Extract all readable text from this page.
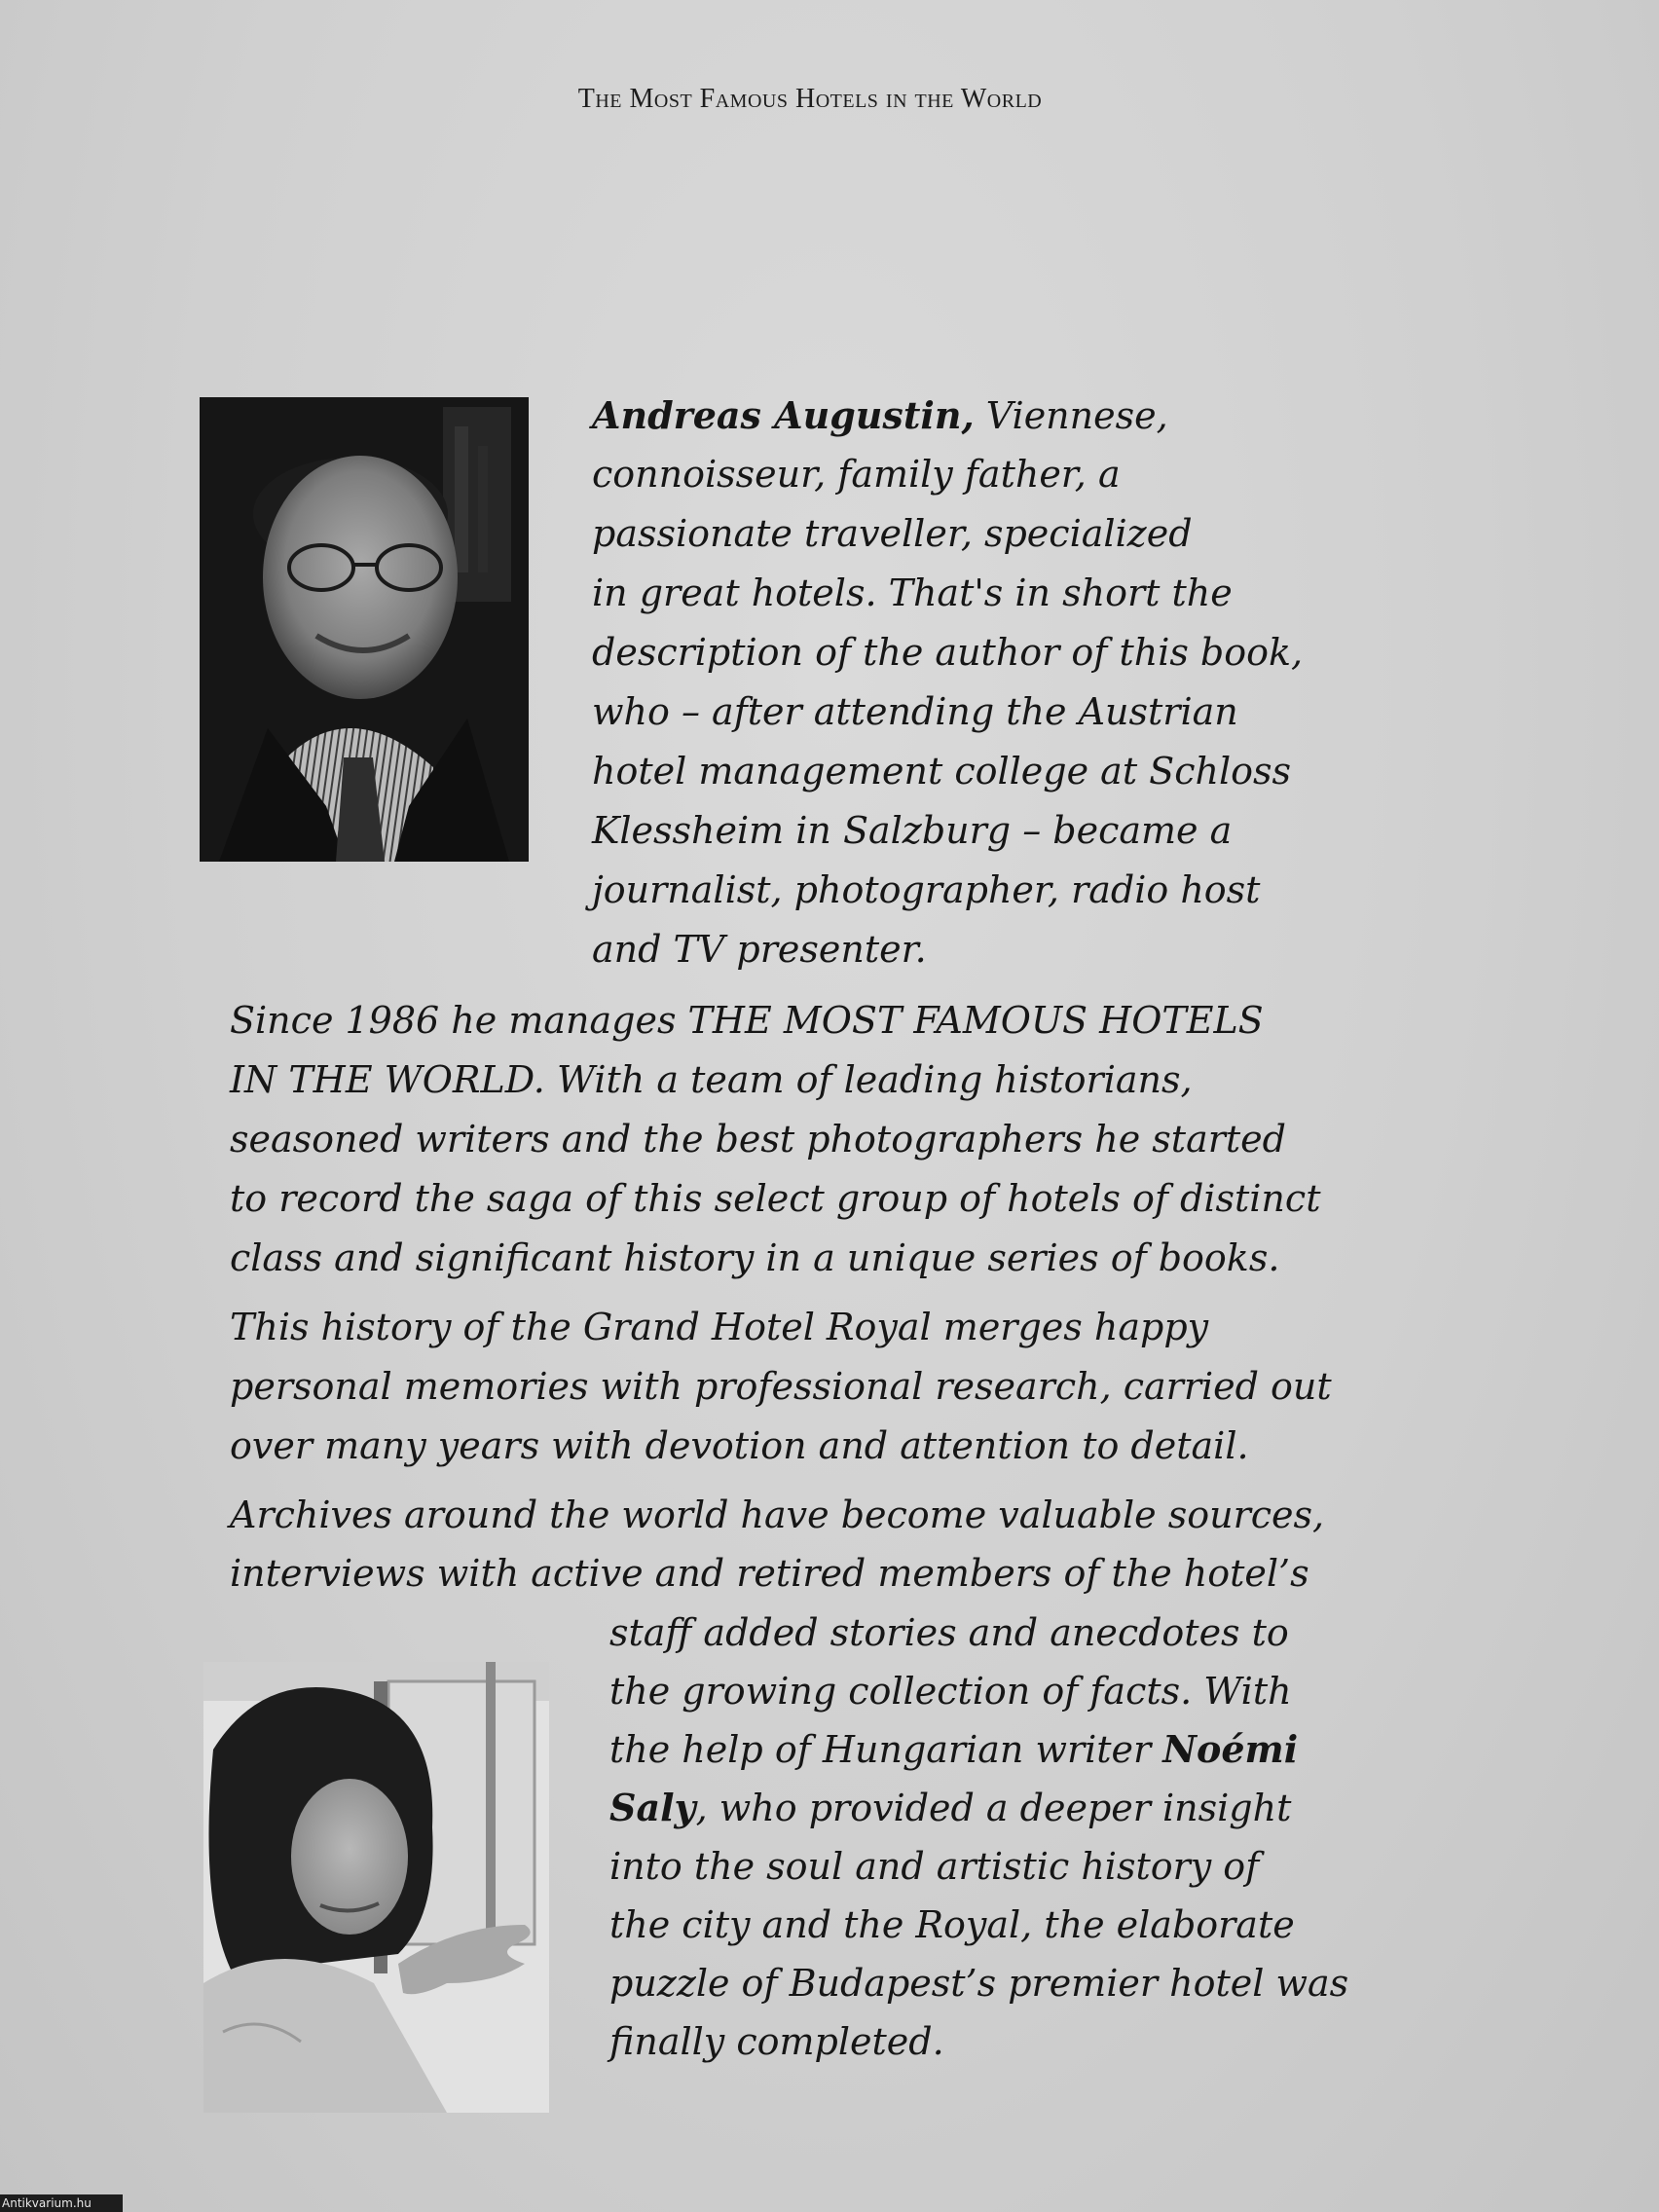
The Most Famous Hotels in the World
Andreas Augustin, Viennese,
connoisseur, family father, a
passionate traveller, specialized
in great hotels. That's in short the
description of the author of this book,
who – after attending the Austrian
hotel management college at Schloss
Klessheim in Salzburg – became a
journalist, photographer, radio host
and TV presenter.
Since 1986 he manages THE MOST FAMOUS HOTELS
IN THE WORLD. With a team of leading historians,
seasoned writers and the best photographers he started
to record the saga of this select group of hotels of distinct
class and significant history in a unique series of books.
This history of the Grand Hotel Royal merges happy
personal memories with professional research, carried out
over many years with devotion and attention to detail.
Archives around the world have become valuable sources,
interviews with active and retired members of the hotel’s
staff added stories and anecdotes to
the growing collection of facts. With
the help of Hungarian writer Noémi
Saly, who provided a deeper insight
into the soul and artistic history of
the city and the Royal, the elaborate
puzzle of Budapest’s premier hotel was
finally completed.
Antikvarium.hu
